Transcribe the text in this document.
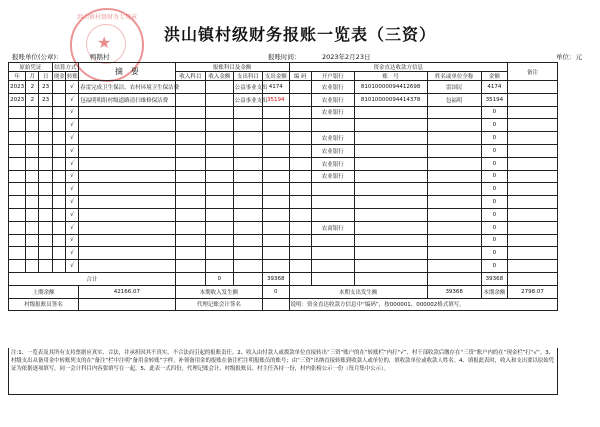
★
洪山镇村级财务专用章
洪山镇村级财务报账一览表（三资）
报账单位(公章)：	鸭鹅村	报账时间：	2023年2月23日	单位：元
原始凭证			结算方式		摘　要	报账科目及金额				资金直达收款方信息					备注
年	月	日	现金	转账		收入科目	收入金额	支出科目	支出金额	编 码	开户银行	账　号	姓名或单位全称	金额	
2023	2	23		√	春雷完成卫生保洁、农村环境卫生保洁费			公益事业支出	4174		农业银行	81010000094412698	雷国民	4174	
2023	2	23		√	包福明明组村级道路清扫维修保洁费			公益事业支出	35194		农业银行	81010000094414378	包福明	35194	
				√							农业银行			0	
				√										0	
				√							农业银行			0	
				√							农业银行			0	
				√							农业银行			0	
				√							农业银行			0	
				√										0	
				√										0	
				√										0	
				√							农商银行			0	
				√										0	
				√										0	
				√										0	
合计							0		39368					39368	
上期余额					42166.07	本期收入发生额			0	本期支出发生额			39368	本期余额	2798.07
村级报账员签名						代理记账会计签名				说明：资金直达收款方信息中“编码”，按000001、000002格式填写。					
注:1、一览表及其所有支持票据应真实、合法，并承担因其不真实、不合法而引起的报账责任。2、收入由付款人或拨款单位直接转出“三资”账户的在“转账栏”内打“√”，村干部收款后缴存在“三资”账户内的在“现金栏”打“√”。3、村级支出从备用金中转账列支的在“备注”栏中注明“备用金转账”字样，补领备用金的报账在备注栏注明报账员的账号；由“三资”出纳直接转账到收款人或单位的，填收款单位或收款人姓名。4、填报此表时，收入和支出要以原始凭证为依据逐项填写，同一会计科目内容要填写在一起。5、此表一式四份，代理记账会计、村级报账员、村主任各持一份，村内张榜公示一份（每月集中公示）。
